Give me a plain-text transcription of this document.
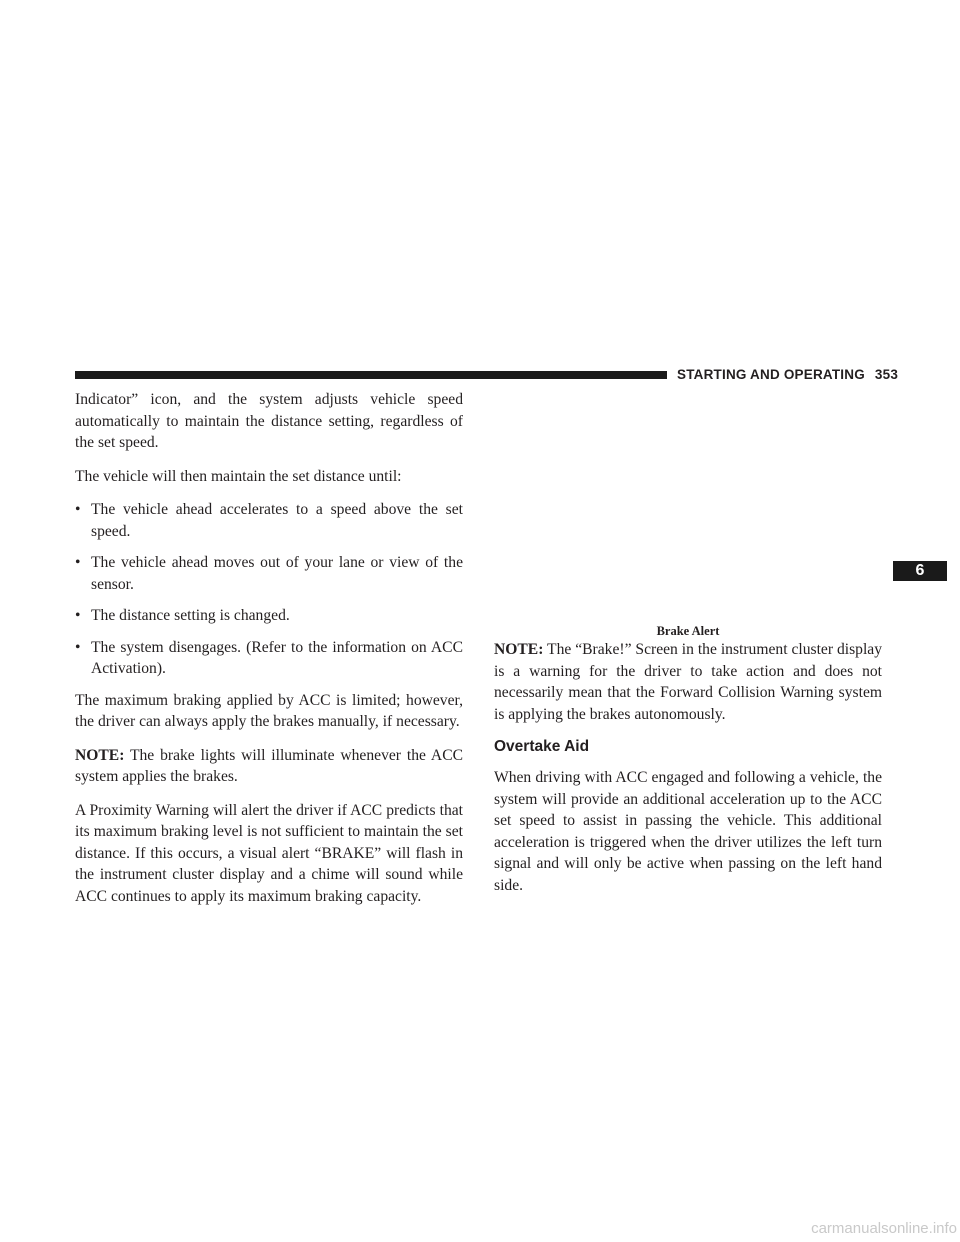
STARTING AND OPERATING 353
6

Indicator” icon, and the system adjusts vehicle speed automatically to maintain the distance setting, regardless of the set speed.

The vehicle will then maintain the set distance until:

• The vehicle ahead accelerates to a speed above the set speed.
• The vehicle ahead moves out of your lane or view of the sensor.
• The distance setting is changed.
• The system disengages. (Refer to the information on ACC Activation).

The maximum braking applied by ACC is limited; however, the driver can always apply the brakes manually, if necessary.

NOTE: The brake lights will illuminate whenever the ACC system applies the brakes.

A Proximity Warning will alert the driver if ACC predicts that its maximum braking level is not sufficient to maintain the set distance. If this occurs, a visual alert “BRAKE” will flash in the instrument cluster display and a chime will sound while ACC continues to apply its maximum braking capacity.

Brake Alert

NOTE: The “Brake!” Screen in the instrument cluster display is a warning for the driver to take action and does not necessarily mean that the Forward Collision Warning system is applying the brakes autonomously.

Overtake Aid

When driving with ACC engaged and following a vehicle, the system will provide an additional acceleration up to the ACC set speed to assist in passing the vehicle. This additional acceleration is triggered when the driver utilizes the left turn signal and will only be active when passing on the left hand side.

carmanualsonline.info
